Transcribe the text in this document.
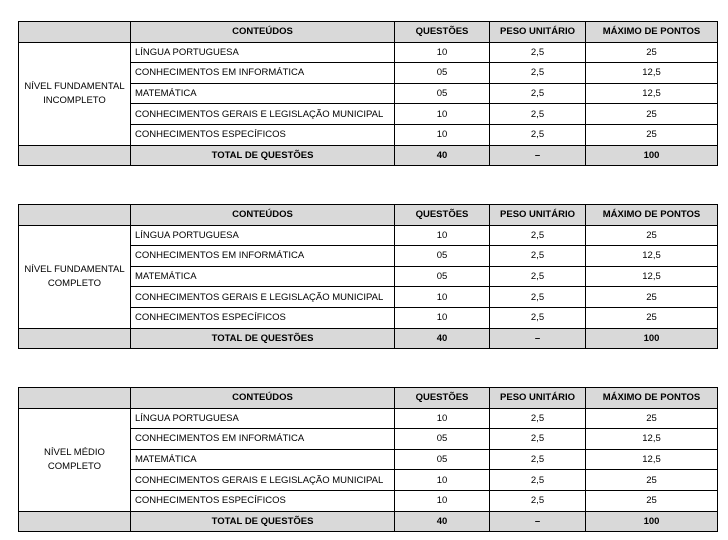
	CONTEÚDOS	QUESTÕES	PESO UNITÁRIO	MÁXIMO DE PONTOS
NÍVEL FUNDAMENTAL INCOMPLETO	LÍNGUA PORTUGUESA	10	2,5	25
	CONHECIMENTOS EM INFORMÁTICA	05	2,5	12,5
	MATEMÁTICA	05	2,5	12,5
	CONHECIMENTOS GERAIS E LEGISLAÇÃO MUNICIPAL	10	2,5	25
	CONHECIMENTOS ESPECÍFICOS	10	2,5	25
	TOTAL DE QUESTÕES	40	–	100
	CONTEÚDOS	QUESTÕES	PESO UNITÁRIO	MÁXIMO DE PONTOS
NÍVEL FUNDAMENTAL COMPLETO	LÍNGUA PORTUGUESA	10	2,5	25
	CONHECIMENTOS EM INFORMÁTICA	05	2,5	12,5
	MATEMÁTICA	05	2,5	12,5
	CONHECIMENTOS GERAIS E LEGISLAÇÃO MUNICIPAL	10	2,5	25
	CONHECIMENTOS ESPECÍFICOS	10	2,5	25
	TOTAL DE QUESTÕES	40	–	100
	CONTEÚDOS	QUESTÕES	PESO UNITÁRIO	MÁXIMO DE PONTOS
NÍVEL MÉDIO COMPLETO	LÍNGUA PORTUGUESA	10	2,5	25
	CONHECIMENTOS EM INFORMÁTICA	05	2,5	12,5
	MATEMÁTICA	05	2,5	12,5
	CONHECIMENTOS GERAIS E LEGISLAÇÃO MUNICIPAL	10	2,5	25
	CONHECIMENTOS ESPECÍFICOS	10	2,5	25
	TOTAL DE QUESTÕES	40	–	100
